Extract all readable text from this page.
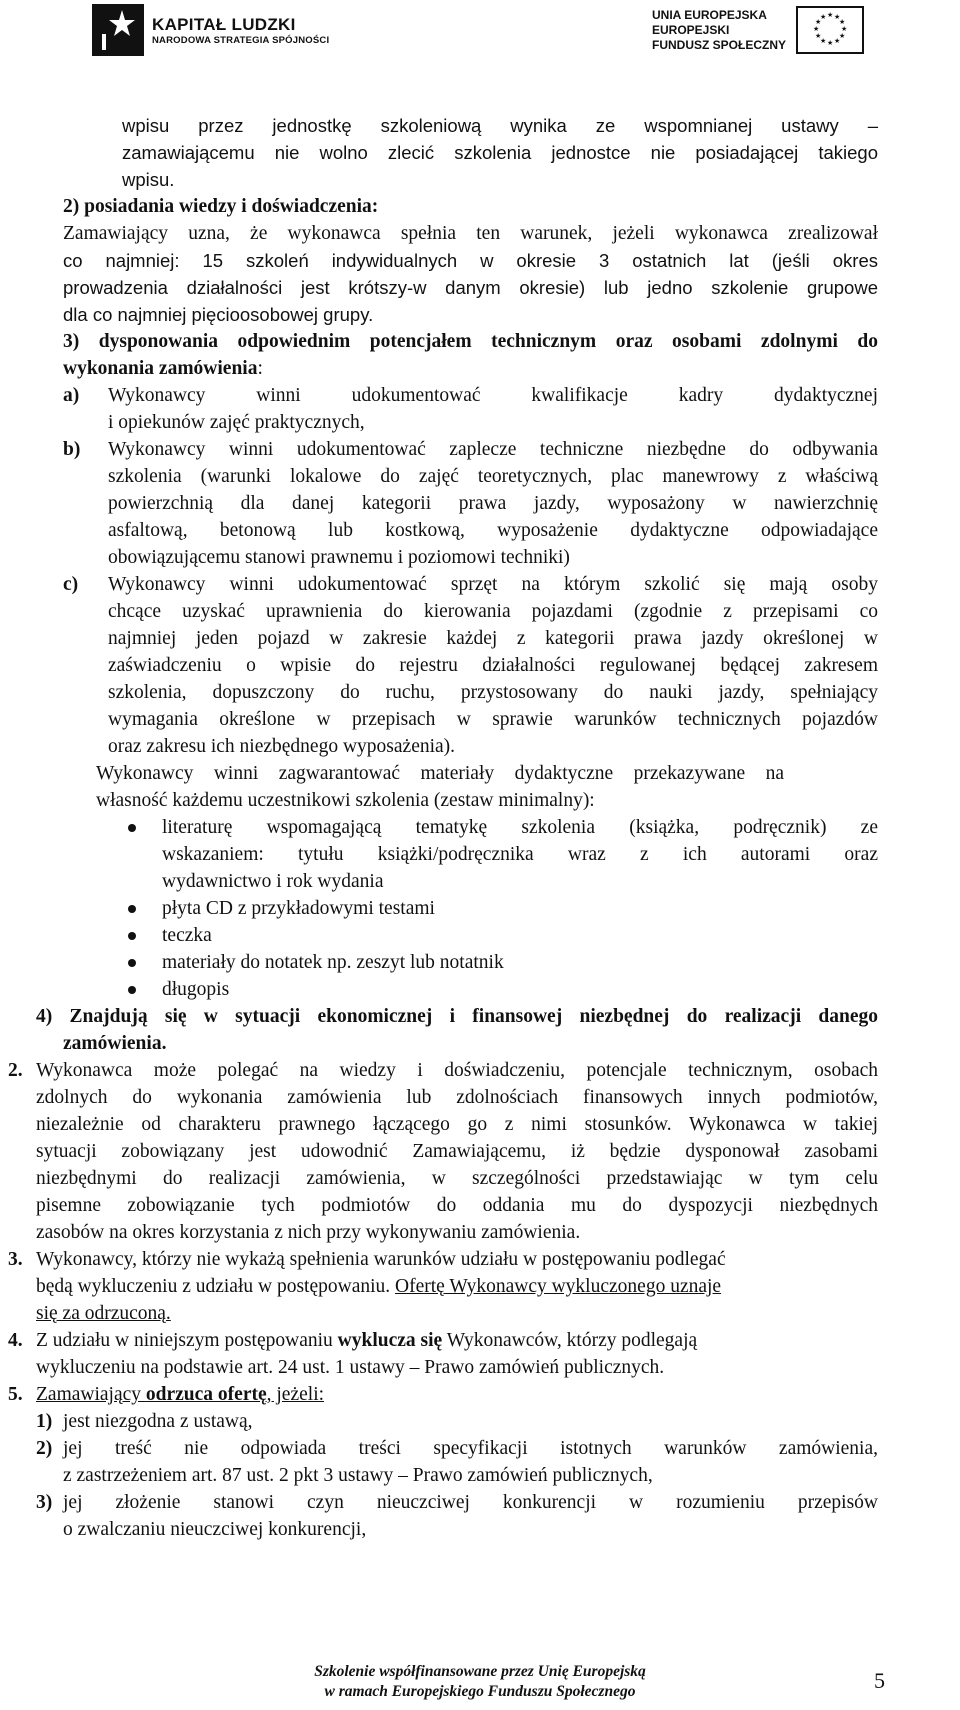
KAPITAŁ LUDZKI
NARODOWA STRATEGIA SPÓJNOŚCI
UNIA EUROPEJSKA
EUROPEJSKI
FUNDUSZ SPOŁECZNY
★ ★
★
★
★
★
★
★
★
★
★
★
wpisu przez jednostkę szkoleniową wynika ze wspomnianej ustawy –
zamawiającemu nie wolno zlecić szkolenia jednostce nie posiadającej takiego
wpisu.
2) posiadania wiedzy i doświadczenia:
Zamawiający uzna, że wykonawca spełnia ten warunek, jeżeli wykonawca zrealizował
co najmniej: 15 szkoleń indywidualnych w okresie 3 ostatnich lat (jeśli okres
prowadzenia działalności jest krótszy-w danym okresie) lub jedno szkolenie grupowe
dla co najmniej pięcioosobowej grupy.
3) dysponowania odpowiednim potencjałem technicznym oraz osobami zdolnymi do
wykonania zamówienia:
a) Wykonawcy winni udokumentować kwalifikacje kadry dydaktycznej
i opiekunów zajęć praktycznych,
b) Wykonawcy winni udokumentować zaplecze techniczne niezbędne do odbywania
szkolenia (warunki lokalowe do zajęć teoretycznych, plac manewrowy z właściwą
powierzchnią dla danej kategorii prawa jazdy, wyposażony w nawierzchnię
asfaltową, betonową lub kostkową, wyposażenie dydaktyczne odpowiadające
obowiązującemu stanowi prawnemu i poziomowi techniki)
c) Wykonawcy winni udokumentować sprzęt na którym szkolić się mają osoby
chcące uzyskać uprawnienia do kierowania pojazdami (zgodnie z przepisami co
najmniej jeden pojazd w zakresie każdej z kategorii prawa jazdy określonej w
zaświadczeniu o wpisie do rejestru działalności regulowanej będącej zakresem
szkolenia, dopuszczony do ruchu, przystosowany do nauki jazdy, spełniający
wymagania określone w przepisach w sprawie warunków technicznych pojazdów
oraz zakresu ich niezbędnego wyposażenia).
Wykonawcy winni zagwarantować materiały dydaktyczne przekazywane na
własność każdemu uczestnikowi szkolenia (zestaw minimalny):
literaturę wspomagającą tematykę szkolenia (książka, podręcznik) ze
wskazaniem: tytułu książki/podręcznika wraz z ich autorami oraz
wydawnictwo i rok wydania
płyta CD z przykładowymi testami
teczka
materiały do notatek np. zeszyt lub notatnik
długopis
4) Znajdują się w sytuacji ekonomicznej i finansowej niezbędnej do realizacji danego
zamówienia.
2. Wykonawca może polegać na wiedzy i doświadczeniu, potencjale technicznym, osobach
zdolnych do wykonania zamówienia lub zdolnościach finansowych innych podmiotów,
niezależnie od charakteru prawnego łączącego go z nimi stosunków. Wykonawca w takiej
sytuacji zobowiązany jest udowodnić Zamawiającemu, iż będzie dysponował zasobami
niezbędnymi do realizacji zamówienia, w szczególności przedstawiając w tym celu
pisemne zobowiązanie tych podmiotów do oddania mu do dyspozycji niezbędnych
zasobów na okres korzystania z nich przy wykonywaniu zamówienia.
3. Wykonawcy, którzy nie wykażą spełnienia warunków udziału w postępowaniu podlegać
będą wykluczeniu z udziału w postępowaniu. Ofertę Wykonawcy wykluczonego uznaje
się za odrzuconą.
4. Z udziału w niniejszym postępowaniu wyklucza się Wykonawców, którzy podlegają
wykluczeniu na podstawie art. 24 ust. 1 ustawy – Prawo zamówień publicznych.
5. Zamawiający odrzuca ofertę, jeżeli:
1) jest niezgodna z ustawą,
2) jej treść nie odpowiada treści specyfikacji istotnych warunków zamówienia,
z zastrzeżeniem art. 87 ust. 2 pkt 3 ustawy – Prawo zamówień publicznych,
3) jej złożenie stanowi czyn nieuczciwej konkurencji w rozumieniu przepisów
o zwalczaniu nieuczciwej konkurencji,
Szkolenie współfinansowane przez Unię Europejską
w ramach Europejskiego Funduszu Społecznego	5
